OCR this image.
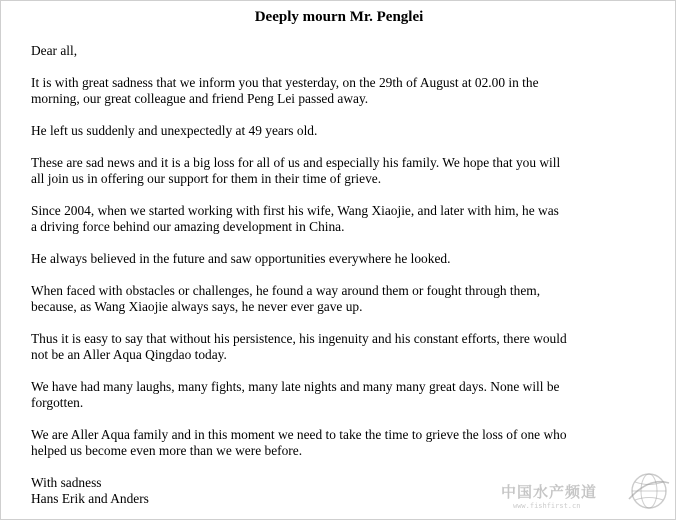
Deeply mourn Mr. Penglei

Dear all,

It is with great sadness that we inform you that yesterday, on the 29th of August at 02.00 in the
morning, our great colleague and friend Peng Lei passed away.

He left us suddenly and unexpectedly at 49 years old.

These are sad news and it is a big loss for all of us and especially his family. We hope that you will
all join us in offering our support for them in their time of grieve.

Since 2004, when we started working with first his wife, Wang Xiaojie, and later with him, he was
a driving force behind our amazing development in China.

He always believed in the future and saw opportunities everywhere he looked.

When faced with obstacles or challenges, he found a way around them or fought through them,
because, as Wang Xiaojie always says, he never ever gave up.

Thus it is easy to say that without his persistence, his ingenuity and his constant efforts, there would
not be an Aller Aqua Qingdao today.

We have had many laughs, many fights, many late nights and many many great days. None will be
forgotten.

We are Aller Aqua family and in this moment we need to take the time to grieve the loss of one who
helped us become even more than we were before.

With sadness
Hans Erik and Anders	中国水产频道
www.fishfirst.cn
